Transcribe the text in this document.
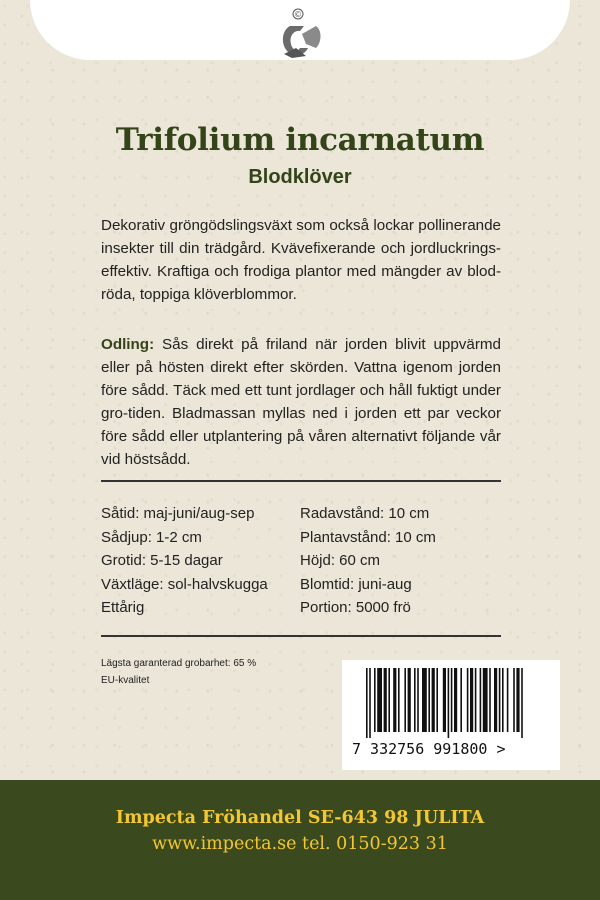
©
Trifolium incarnatum
Blodklöver
Dekorativ gröngödslingsväxt som också lockar pollinerande insekter till din trädgård. Kvävefixerande och jordluckrings-effektiv. Kraftiga och frodiga plantor med mängder av blod-röda, toppiga klöverblommor.
Odling: Sås direkt på friland när jorden blivit uppvärmd eller på hösten direkt efter skörden. Vattna igenom jorden före sådd. Täck med ett tunt jordlager och håll fuktigt under gro-tiden. Bladmassan myllas ned i jorden ett par veckor före sådd eller utplantering på våren alternativt följande vår vid höstsådd.
Såtid: maj-juni/aug-sep
Sådjup: 1-2 cm
Grotid: 5-15 dagar
Växtläge: sol-halvskugga
Ettårig
Radavstånd: 10 cm
Plantavstånd: 10 cm
Höjd: 60 cm
Blomtid: juni-aug
Portion: 5000 frö
Lägsta garanterad grobarhet: 65 %
EU-kvalitet
7 332756 991800 >
Impecta Fröhandel SE-643 98 JULITA
www.impecta.se tel. 0150-923 31
